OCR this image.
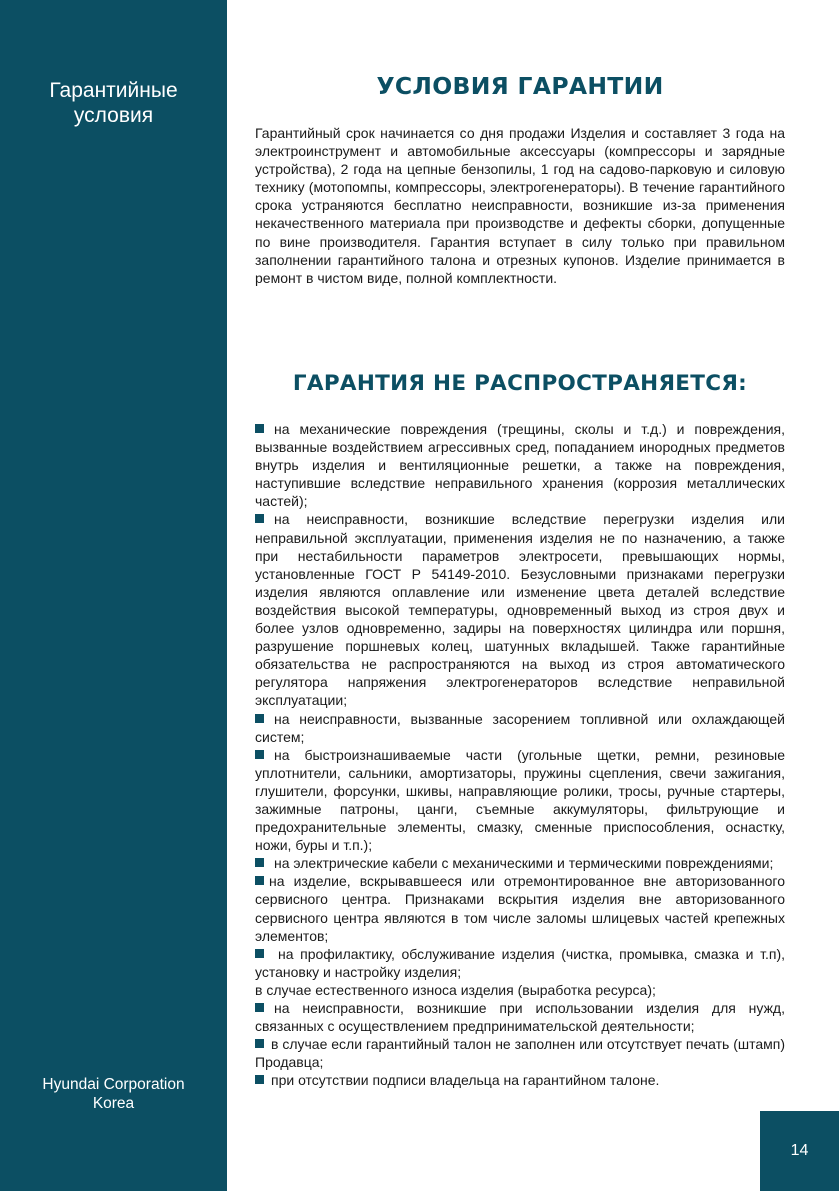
Гарантийные
условия
Hyundai Corporation
Korea
УСЛОВИЯ ГАРАНТИИ

Гарантийный срок начинается со дня продажи Изделия и составляет 3 года на электроинструмент и автомобильные аксессуары (компрессоры и зарядные устройства), 2 года на цепные бензопилы, 1 год на садово-парковую и силовую технику (мотопомпы, компрессоры, электрогенераторы). В течение гарантийного срока устраняются бесплатно неисправности, возникшие из-за применения некачественного материала при производстве и дефекты сборки, допущенные по вине производителя. Гарантия вступает в силу только при правильном заполнении гарантийного талона и отрезных купонов. Изделие принимается в ремонт в чистом виде, полной комплектности.

ГАРАНТИЯ НЕ РАСПРОСТРАНЯЕТСЯ:
на механические повреждения (трещины, сколы и т.д.) и повреждения, вызванные воздействием агрессивных сред, попаданием инородных предметов внутрь изделия и вентиляционные решетки, а также на повреждения, наступившие вследствие неправильного хранения (коррозия металлических частей);
на неисправности, возникшие вследствие перегрузки изделия или неправильной эксплуатации, применения изделия не по назначению, а также при нестабильности параметров электросети, превышающих нормы, установленные ГОСТ Р 54149-2010. Безусловными признаками перегрузки изделия являются оплавление или изменение цвета деталей вследствие воздействия высокой температуры, одновременный выход из строя двух и более узлов одновременно, задиры на поверхностях цилиндра или поршня, разрушение поршневых колец, шатунных вкладышей. Также гарантийные обязательства не распространяются на выход из строя автоматического регулятора напряжения электрогенераторов вследствие неправильной эксплуатации;
на неисправности, вызванные засорением топливной или охлаждающей систем;
на быстроизнашиваемые части (угольные щетки, ремни, резиновые уплотнители, сальники, амортизаторы, пружины сцепления, свечи зажигания, глушители, форсунки, шкивы, направляющие ролики, тросы, ручные стартеры, зажимные патроны, цанги, съемные аккумуляторы, фильтрующие и предохранительные элементы, смазку, сменные приспособления, оснастку, ножи, буры и т.п.);
на электрические кабели с механическими и термическими повреждениями;
на изделие, вскрывавшееся или отремонтированное вне авторизованного сервисного центра. Признаками вскрытия изделия вне авторизованного сервисного центра являются в том числе заломы шлицевых частей крепежных элементов;
на профилактику, обслуживание изделия (чистка, промывка, смазка и т.п), установку и настройку изделия;
в случае естественного износа изделия (выработка ресурса);
на неисправности, возникшие при использовании изделия для нужд, связанных с осуществлением предпринимательской деятельности;
в случае если гарантийный талон не заполнен или отсутствует печать (штамп) Продавца;
при отсутствии подписи владельца на гарантийном талоне.
14
